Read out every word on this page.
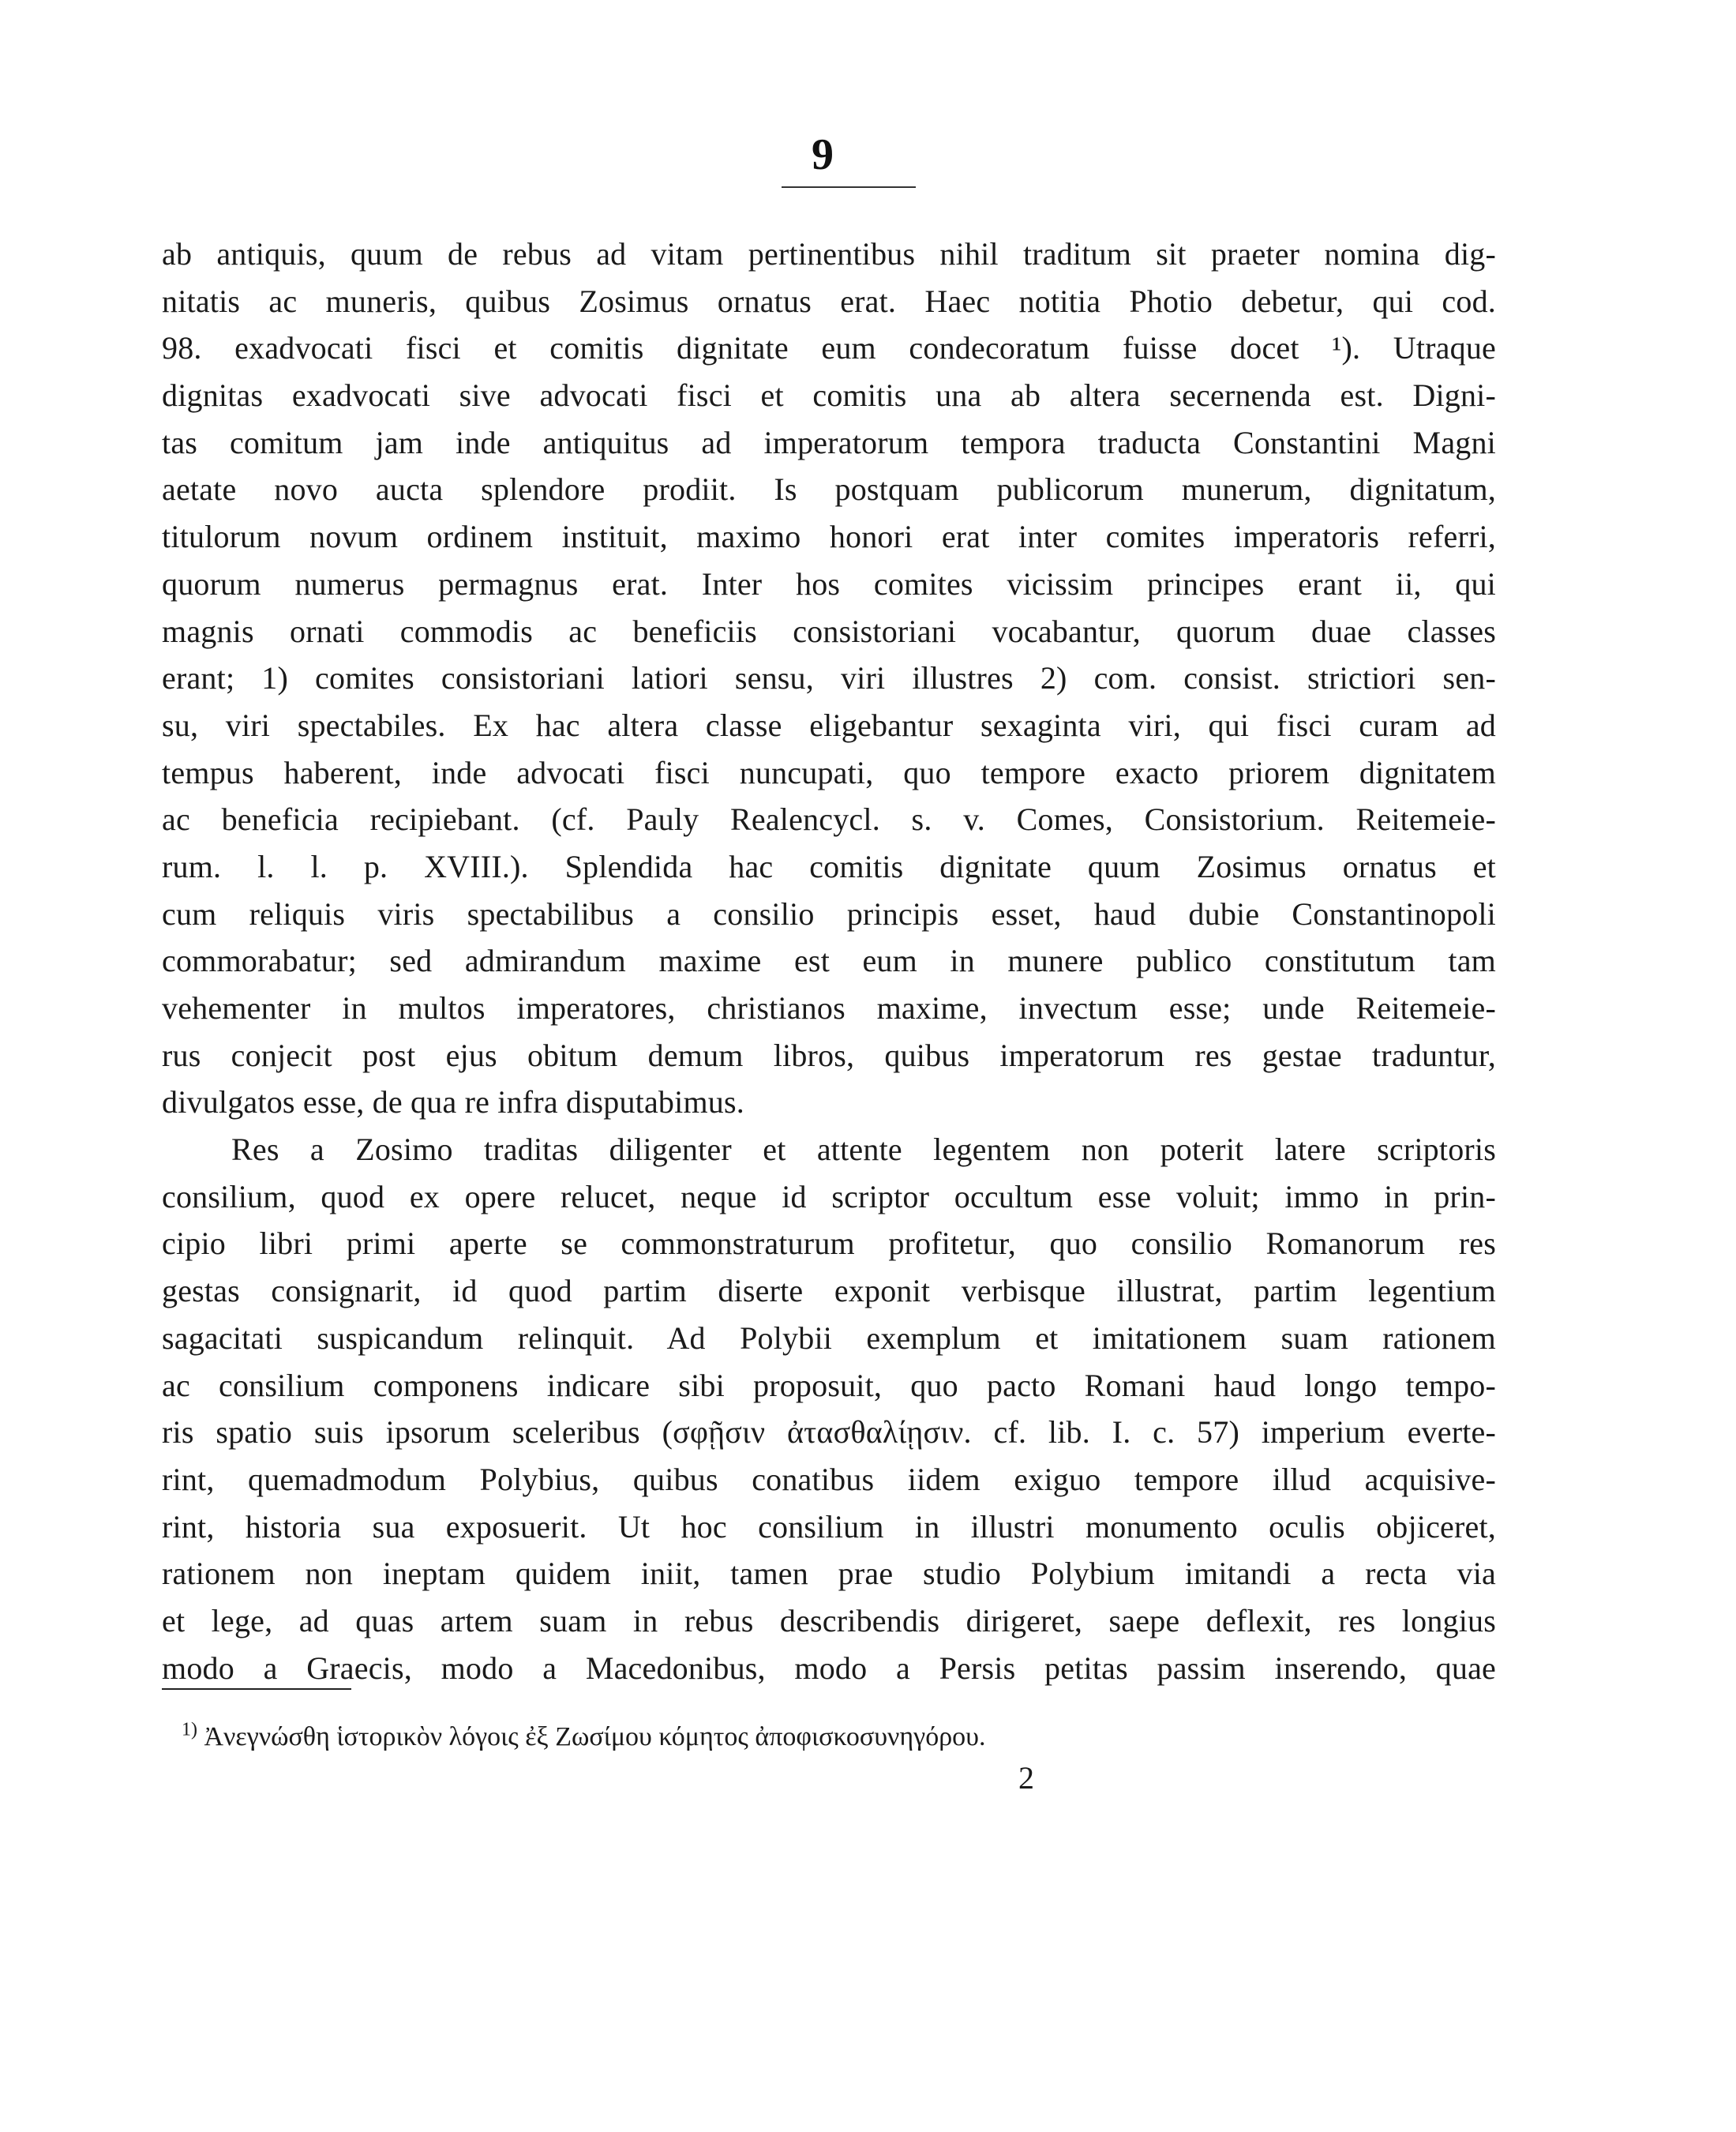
9
ab antiquis, quum de rebus ad vitam pertinentibus nihil traditum sit praeter nomina dig-
nitatis ac muneris, quibus Zosimus ornatus erat. Haec notitia Photio debetur, qui cod.
98. exadvocati fisci et comitis dignitate eum condecoratum fuisse docet ¹). Utraque
dignitas exadvocati sive advocati fisci et comitis una ab altera secernenda est. Digni-
tas comitum jam inde antiquitus ad imperatorum tempora traducta Constantini Magni
aetate novo aucta splendore prodiit. Is postquam publicorum munerum, dignitatum,
titulorum novum ordinem instituit, maximo honori erat inter comites imperatoris referri,
quorum numerus permagnus erat. Inter hos comites vicissim principes erant ii, qui
magnis ornati commodis ac beneficiis consistoriani vocabantur, quorum duae classes
erant; 1) comites consistoriani latiori sensu, viri illustres 2) com. consist. strictiori sen-
su, viri spectabiles. Ex hac altera classe eligebantur sexaginta viri, qui fisci curam ad
tempus haberent, inde advocati fisci nuncupati, quo tempore exacto priorem dignitatem
ac beneficia recipiebant. (cf. Pauly Realencycl. s. v. Comes, Consistorium. Reitemeie-
rum. l. l. p. XVIII.). Splendida hac comitis dignitate quum Zosimus ornatus et
cum reliquis viris spectabilibus a consilio principis esset, haud dubie Constantinopoli
commorabatur; sed admirandum maxime est eum in munere publico constitutum tam
vehementer in multos imperatores, christianos maxime, invectum esse; unde Reitemeie-
rus conjecit post ejus obitum demum libros, quibus imperatorum res gestae traduntur,
divulgatos esse, de qua re infra disputabimus.
Res a Zosimo traditas diligenter et attente legentem non poterit latere scriptoris
consilium, quod ex opere relucet, neque id scriptor occultum esse voluit; immo in prin-
cipio libri primi aperte se commonstraturum profitetur, quo consilio Romanorum res
gestas consignarit, id quod partim diserte exponit verbisque illustrat, partim legentium
sagacitati suspicandum relinquit. Ad Polybii exemplum et imitationem suam rationem
ac consilium componens indicare sibi proposuit, quo pacto Romani haud longo tempo-
ris spatio suis ipsorum sceleribus (σφῇσιν ἀτασθαλίῃσιν. cf. lib. I. c. 57) imperium everte-
rint, quemadmodum Polybius, quibus conatibus iidem exiguo tempore illud acquisive-
rint, historia sua exposuerit. Ut hoc consilium in illustri monumento oculis objiceret,
rationem non ineptam quidem iniit, tamen prae studio Polybium imitandi a recta via
et lege, ad quas artem suam in rebus describendis dirigeret, saepe deflexit, res longius
modo a Graecis, modo a Macedonibus, modo a Persis petitas passim inserendo, quae
$^{1)}$ Ἀνεγνώσθη ἱστορικὸν λόγοις ἐξ Ζωσίμου κόμητος ἀποφισκοσυνηγόρου.
2
